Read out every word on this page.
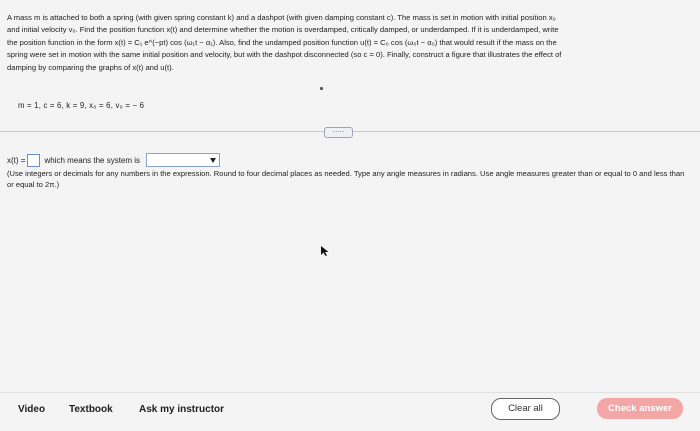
A mass m is attached to both a spring (with given spring constant k) and a dashpot (with given damping constant c). The mass is set in motion with initial position x₀

and initial velocity v₀. Find the position function x(t) and determine whether the motion is overdamped, critically damped, or underdamped. If it is underdamped, write

the position function in the form x(t) = C₁ e^(−pt) cos (ω₁t − α₁). Also, find the undamped position function u(t) = C₀ cos (ω₀t − α₀) that would result if the mass on the

spring were set in motion with the same initial position and velocity, but with the dashpot disconnected (so c = 0). Finally, construct a figure that illustrates the effect of

damping by comparing the graphs of x(t) and u(t).

m = 1, c = 6, k = 9, x₀ = 6, v₀ = − 6
·····
x(t) = which means the system is
(Use integers or decimals for any numbers in the expression. Round to four decimal places as needed. Type any angle measures in radians. Use angle measures greater than or equal to 0 and less than or equal to 2π.)
Video Textbook	Ask my instructor	Clear all	Check answer
